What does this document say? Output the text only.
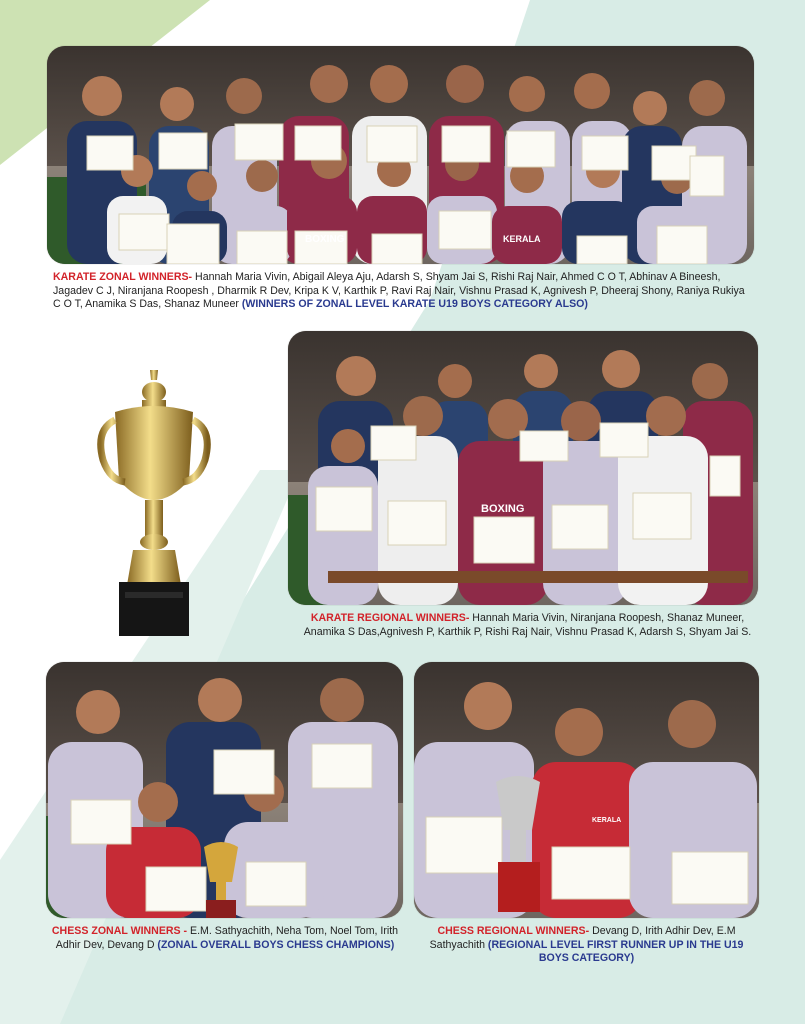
BOXING	KERALA
KARATE ZONAL WINNERS- Hannah Maria Vivin, Abigail Aleya Aju, Adarsh S, Shyam Jai S, Rishi Raj Nair, Ahmed C O T, Abhinav A Bineesh, Jagadev C J, Niranjana Roopesh , Dharmik R Dev, Kripa K V, Karthik P, Ravi Raj Nair, Vishnu Prasad K, Agnivesh P, Dheeraj Shony, Raniya Rukiya C O T, Anamika S Das, Shanaz Muneer (WINNERS OF ZONAL LEVEL KARATE U19 BOYS CATEGORY ALSO)
BOXING
KARATE REGIONAL WINNERS- Hannah Maria Vivin, Niranjana Roopesh, Shanaz Muneer, Anamika S Das,Agnivesh P, Karthik P, Rishi Raj Nair, Vishnu Prasad K, Adarsh S, Shyam Jai S.
CHESS ZONAL WINNERS - E.M. Sathyachith, Neha Tom, Noel Tom, Irith Adhir Dev, Devang D (ZONAL OVERALL BOYS CHESS CHAMPIONS)
KERALA
CHESS REGIONAL WINNERS- Devang D, Irith Adhir Dev, E.M Sathyachith (REGIONAL LEVEL FIRST RUNNER UP IN THE U19 BOYS CATEGORY)
